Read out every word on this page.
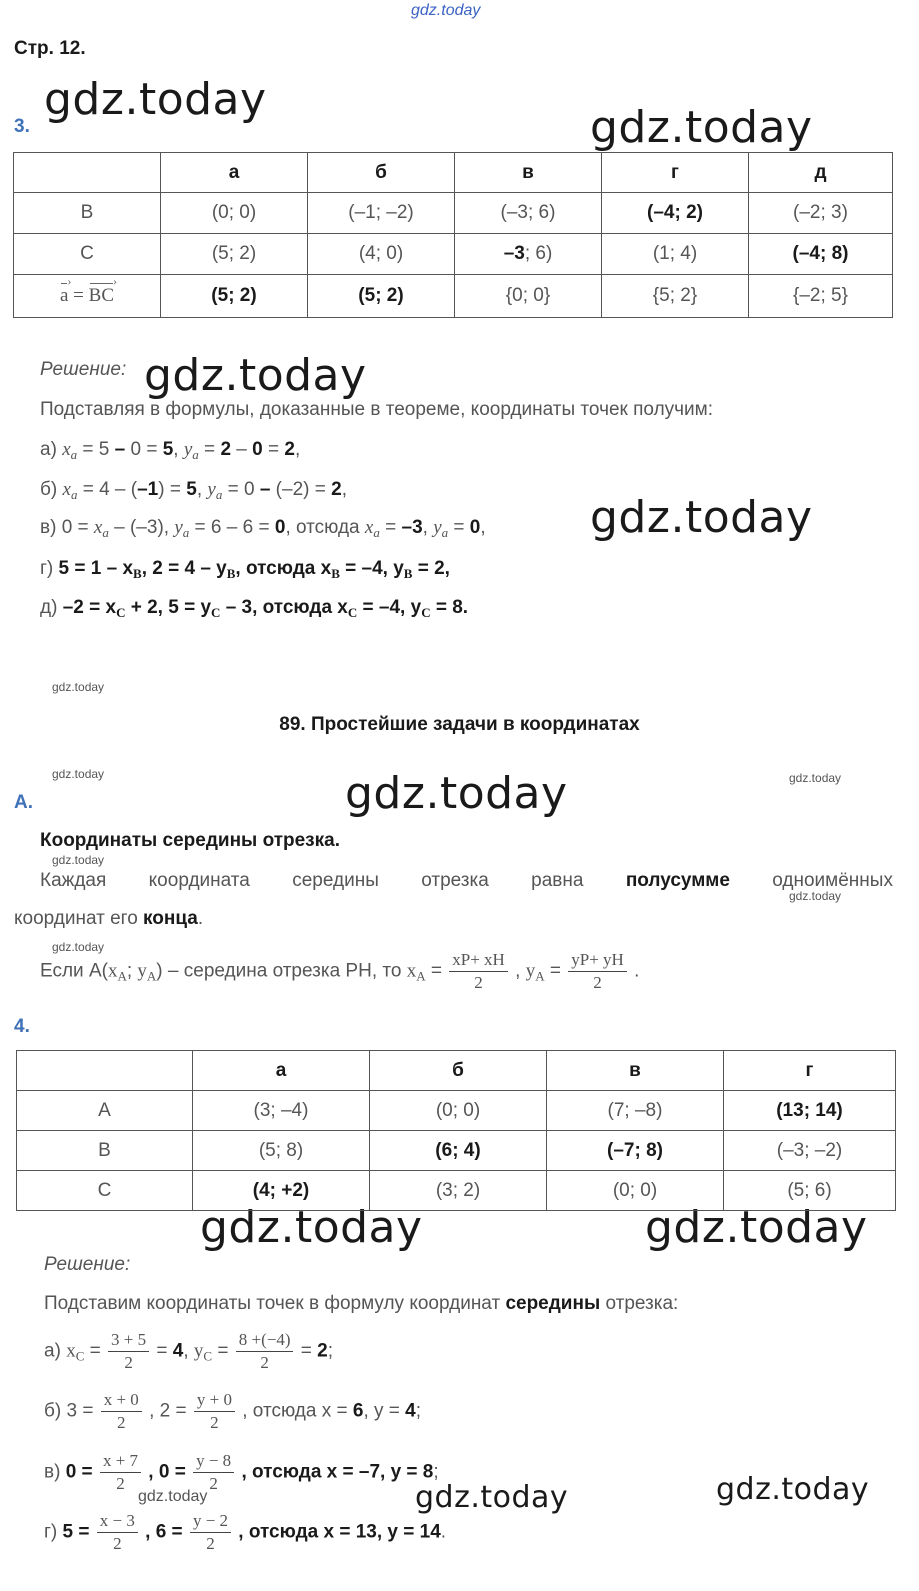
gdz.today
gdz.today
gdz.today
gdz.today
gdz.today
gdz.today
gdz.today	gdz.today
gdz.today	gdz.today
gdz.today
gdz.today	gdz.today
gdz.today
gdz.today
gdz.today
gdz.today
Стр. 12.
3.
	а	б	в	г	д
B	(0; 0)	(–1; –2)	(–3; 6)	(–4; 2)	(–2; 3)
C	(5; 2)	(4; 0)	–3; 6)	(1; 4)	(–4; 8)
a › = BC ›	(5; 2)	(5; 2)	{0; 0}	{5; 2}	{–2; 5}
Решение:
Подставляя в формулы, доказанные в теореме, координаты точек получим:
а) $x_a = 5 - 0 = 5$, $y_a = 2 - 0 = 2$,
б) $x_a = 4 - (-1) = 5$, $y_a = 0 - (-2) = 2$,
в) $0 = x_a - (-3)$, $y_a = 6 - 6 = 0$, отсюда $x_a = -3$, $y_a = 0$,
г) $5 = 1 - x_B$, $2 = 4 - y_B$, отсюда $x_B = -4$, $y_B = 2$,
д) $-2 = x_C + 2$, $5 = y_C - 3$, отсюда $x_C = -4$, $y_C = 8$.
89. Простейшие задачи в координатах
А.
Координаты середины отрезка.
Каждая координата середины отрезка равна полусумме одноимённых
координат его конца.
Если $А(x_A$; $y_A$) – середина отрезка PH, то $x_A = \frac{xP+ xH}{2}$ , $y_A = \frac{yP+ yH}{2}$ .
4.
	а	б	в	г
A	(3; –4)	(0; 0)	(7; –8)	(13; 14)
B	(5; 8)	(6; 4)	(–7; 8)	(–3; –2)
C	(4; +2)	(3; 2)	(0; 0)	(5; 6)
Решение:
Подставим координаты точек в формулу координат середины отрезка:
а) $x_C = \frac{3 + 5}{2} = 4$, $y_C = \frac{8 +(-4)}{2} = 2$;
б) $3 = \frac{x + 0}{2}$ , $2 = \frac{y + 0}{2}$ , отсюда x = 6, y = 4;
в) $0 = \frac{x + 7}{2}$ , $0 = \frac{y - 8}{2}$ , отсюда x = –7, y = 8;
г) $5 = \frac{x - 3}{2}$ , $6 = \frac{y - 2}{2}$ , отсюда x = 13, y = 14.
